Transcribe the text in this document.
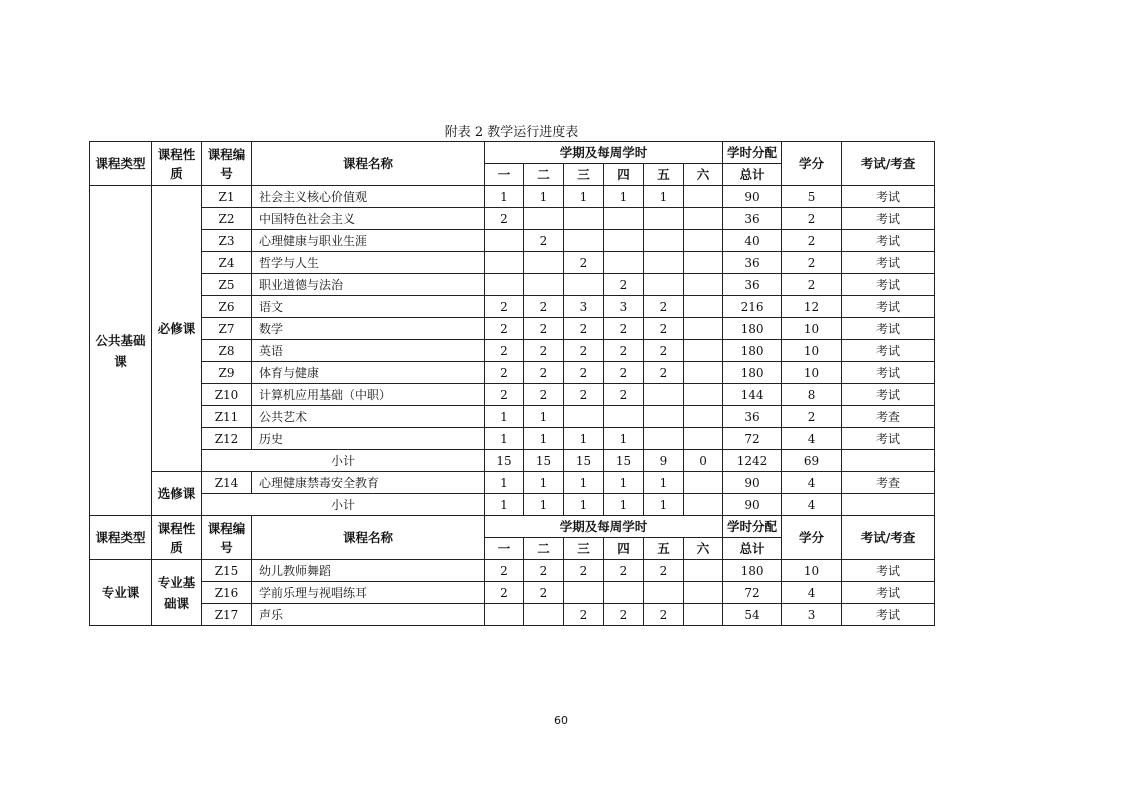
附表 2 教学运行进度表
课程类型	课程性质	课程编号	课程名称	学期及每周学时						学时分配	学分	考试/考查
				一	二	三	四	五	六	总计		
公共基础课	必修课	Z1	社会主义核心价值观	1	1	1	1	1		90	5	考试
		Z2	中国特色社会主义	2						36	2	考试
		Z3	心理健康与职业生涯		2					40	2	考试
		Z4	哲学与人生			2				36	2	考试
		Z5	职业道德与法治				2			36	2	考试
		Z6	语文	2	2	3	3	2		216	12	考试
		Z7	数学	2	2	2	2	2		180	10	考试
		Z8	英语	2	2	2	2	2		180	10	考试
		Z9	体育与健康	2	2	2	2	2		180	10	考试
		Z10	计算机应用基础（中职）	2	2	2	2			144	8	考试
		Z11	公共艺术	1	1					36	2	考查
		Z12	历史	1	1	1	1			72	4	考试
		小计		15	15	15	15	9	0	1242	69	
	选修课	Z14	心理健康禁毒安全教育	1	1	1	1	1		90	4	考查
		小计		1	1	1	1	1		90	4	
课程类型	课程性质	课程编号	课程名称	学期及每周学时						学时分配	学分	考试/考查
				一	二	三	四	五	六	总计		
专业课	专业基础课	Z15	幼儿教师舞蹈	2	2	2	2	2		180	10	考试
		Z16	学前乐理与视唱练耳	2	2					72	4	考试
		Z17	声乐			2	2	2		54	3	考试
60
